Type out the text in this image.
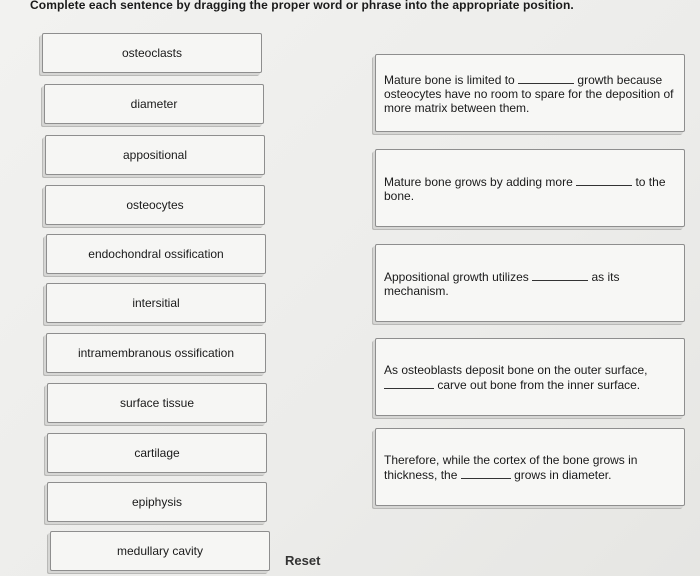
Complete each sentence by dragging the proper word or phrase into the appropriate position.
osteoclasts
diameter
appositional
osteocytes
endochondral ossification
intersitial
intramembranous ossification
surface tissue
cartilage
epiphysis
medullary cavity
Mature bone is limited to	growth because osteocytes have no room to spare for the deposition of more matrix between them.
Mature bone grows by adding more	to the bone.
Appositional growth utilizes	as its mechanism.
As osteoblasts deposit bone on the outer surface,  carve out bone from the inner surface.
Therefore, while the cortex of the bone grows in thickness, the	grows in diameter.
Reset
